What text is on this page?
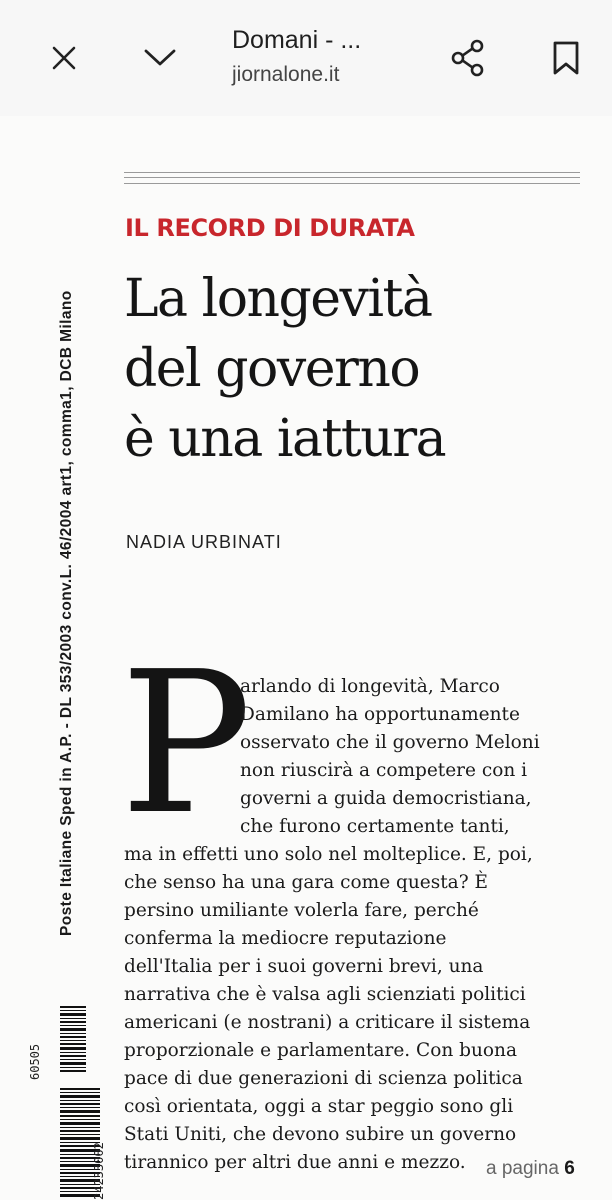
Domani - ...
jiornalone.it
Poste Italiane Sped in A.P. - DL 353/2003 conv.L. 46/2004 art1, comma1, DCB Milano
60505
24233002
IL RECORD DI DURATA
La longevità
del governo
è una iattura
NADIA URBINATI
P
arlando di longevità, Marco
Damilano ha opportunamente
osservato che il governo Meloni
non riuscirà a competere con i
governi a guida democristiana,
che furono certamente tanti,
ma in effetti uno solo nel molteplice. E, poi,
che senso ha una gara come questa? È
persino umiliante volerla fare, perché
conferma la mediocre reputazione
dell'Italia per i suoi governi brevi, una
narrativa che è valsa agli scienziati politici
americani (e nostrani) a criticare il sistema
proporzionale e parlamentare. Con buona
pace di due generazioni di scienza politica
così orientata, oggi a star peggio sono gli
Stati Uniti, che devono subire un governo
tirannico per altri due anni e mezzo. a pagina 6
